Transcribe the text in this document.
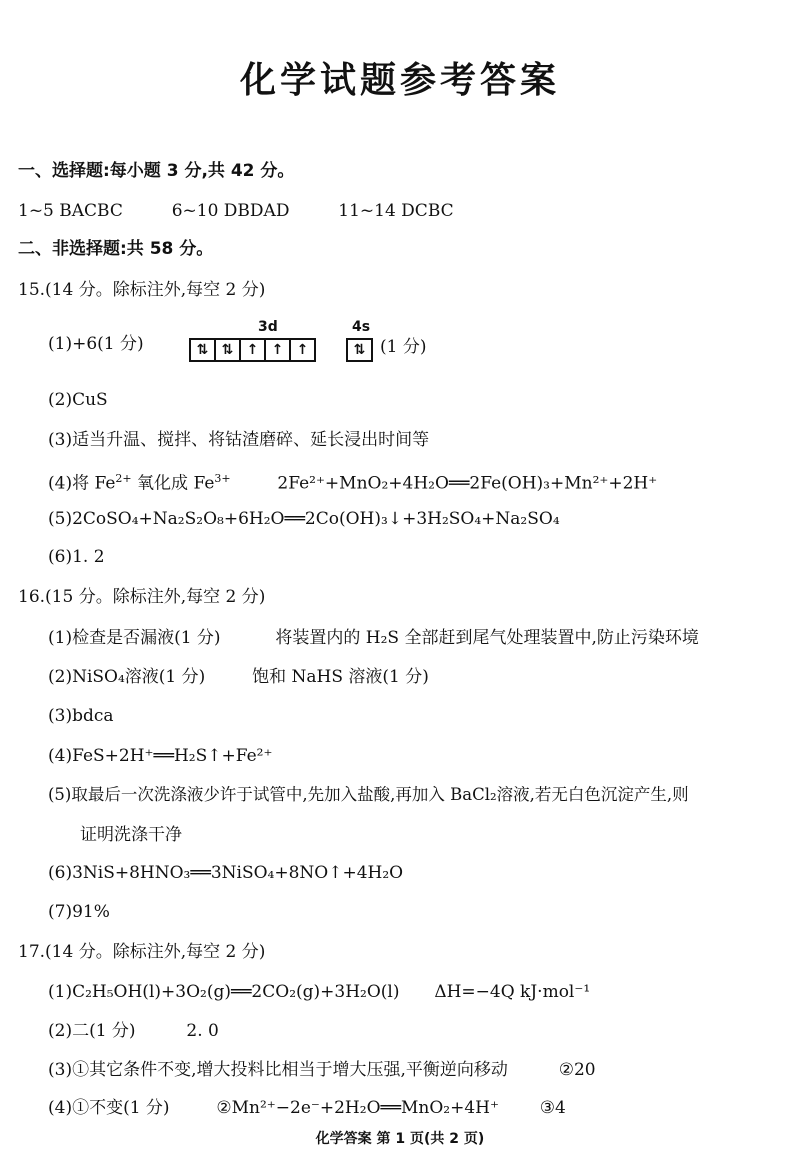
化学试题参考答案
一、选择题:每小题 3 分,共 42 分。
1~5 BACBC	6~10 DBDAD	11~14 DCBC
二、非选择题:共 58 分。
15.(14 分。除标注外,每空 2 分)
(1)+6(1 分)
3d	4s
⇅ ⇅ ↑ ↑ ↑	⇅ (1 分)
(2)CuS
(3)适当升温、搅拌、将钴渣磨碎、延长浸出时间等
(4)将 $Fe^{2+}$ 氧化成 $Fe^{3+}$	2Fe²⁺+MnO₂+4H₂O══2Fe(OH)₃+Mn²⁺+2H⁺
(5)2CoSO₄+Na₂S₂O₈+6H₂O══2Co(OH)₃↓+3H₂SO₄+Na₂SO₄
(6)1. 2
16.(15 分。除标注外,每空 2 分)
(1)检查是否漏液(1 分)	将装置内的 H₂S 全部赶到尾气处理装置中,防止污染环境
(2)NiSO₄溶液(1 分)	饱和 NaHS 溶液(1 分)
(3)bdca
(4)FeS+2H⁺══H₂S↑+Fe²⁺
(5)取最后一次洗涤液少许于试管中,先加入盐酸,再加入 BaCl₂溶液,若无白色沉淀产生,则
证明洗涤干净
(6)3NiS+8HNO₃══3NiSO₄+8NO↑+4H₂O
(7)91%
17.(14 分。除标注外,每空 2 分)
(1)C₂H₅OH(l)+3O₂(g)══2CO₂(g)+3H₂O(l) ΔH=−4Q kJ·mol⁻¹
(2)二(1 分)	2. 0
(3)①其它条件不变,增大投料比相当于增大压强,平衡逆向移动	②20
(4)①不变(1 分)	②Mn²⁺−2e⁻+2H₂O══MnO₂+4H⁺ ③4
化学答案 第 1 页(共 2 页)
